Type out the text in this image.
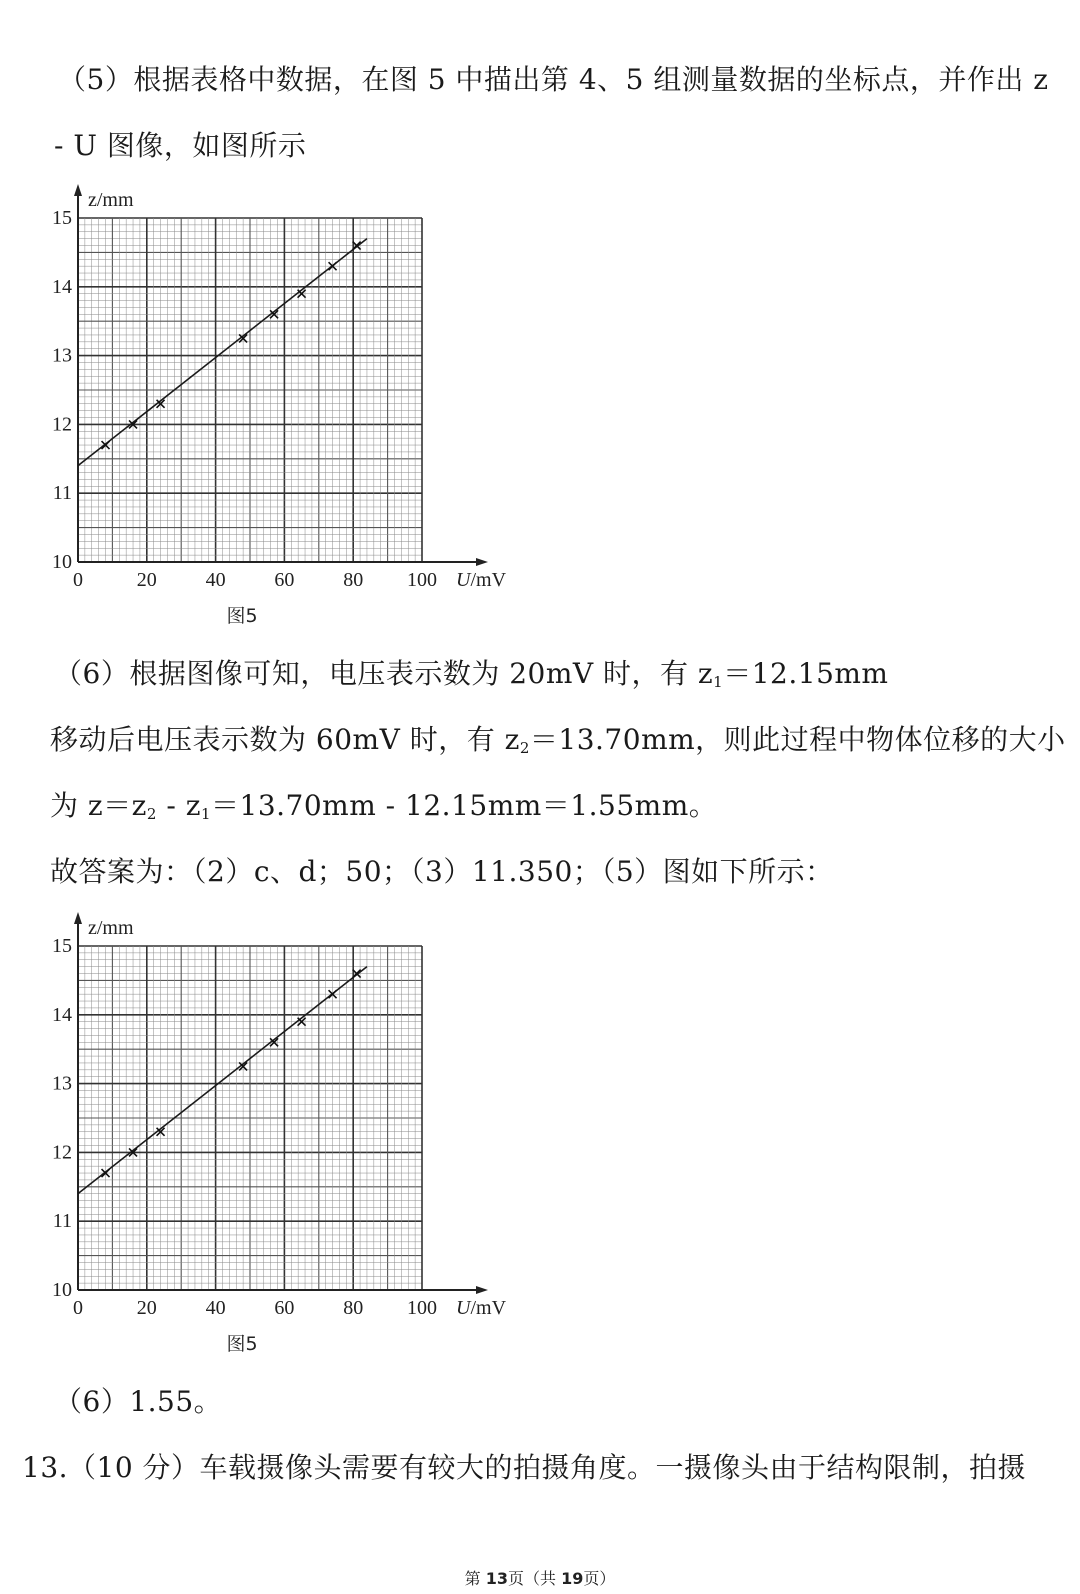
（5）根据表格中数据，在图 5 中描出第 4、5 组测量数据的坐标点，并作出 z
- U 图像，如图所示
0	20 40 60 80 100
10
11
12
13
14
15
z/mm
U/mV
图5
（6）根据图像可知，电压表示数为 20mV 时，有 $z_1=12.15mm$
移动后电压表示数为 60mV 时，有 $z_2=13.70mm$，则此过程中物体位移的大小
为 $z=z_2 - z_1=13.70mm - 12.15mm=1.55mm$。
故答案为：（2）c、d；50；（3）11.350；（5）图如下所示：
0	20 40 60 80 100
10
11
12
13
14
15
z/mm
U/mV
图5
（6）1.55。
13.（10 分）车载摄像头需要有较大的拍摄角度。一摄像头由于结构限制，拍摄
第 13页（共 19页）
